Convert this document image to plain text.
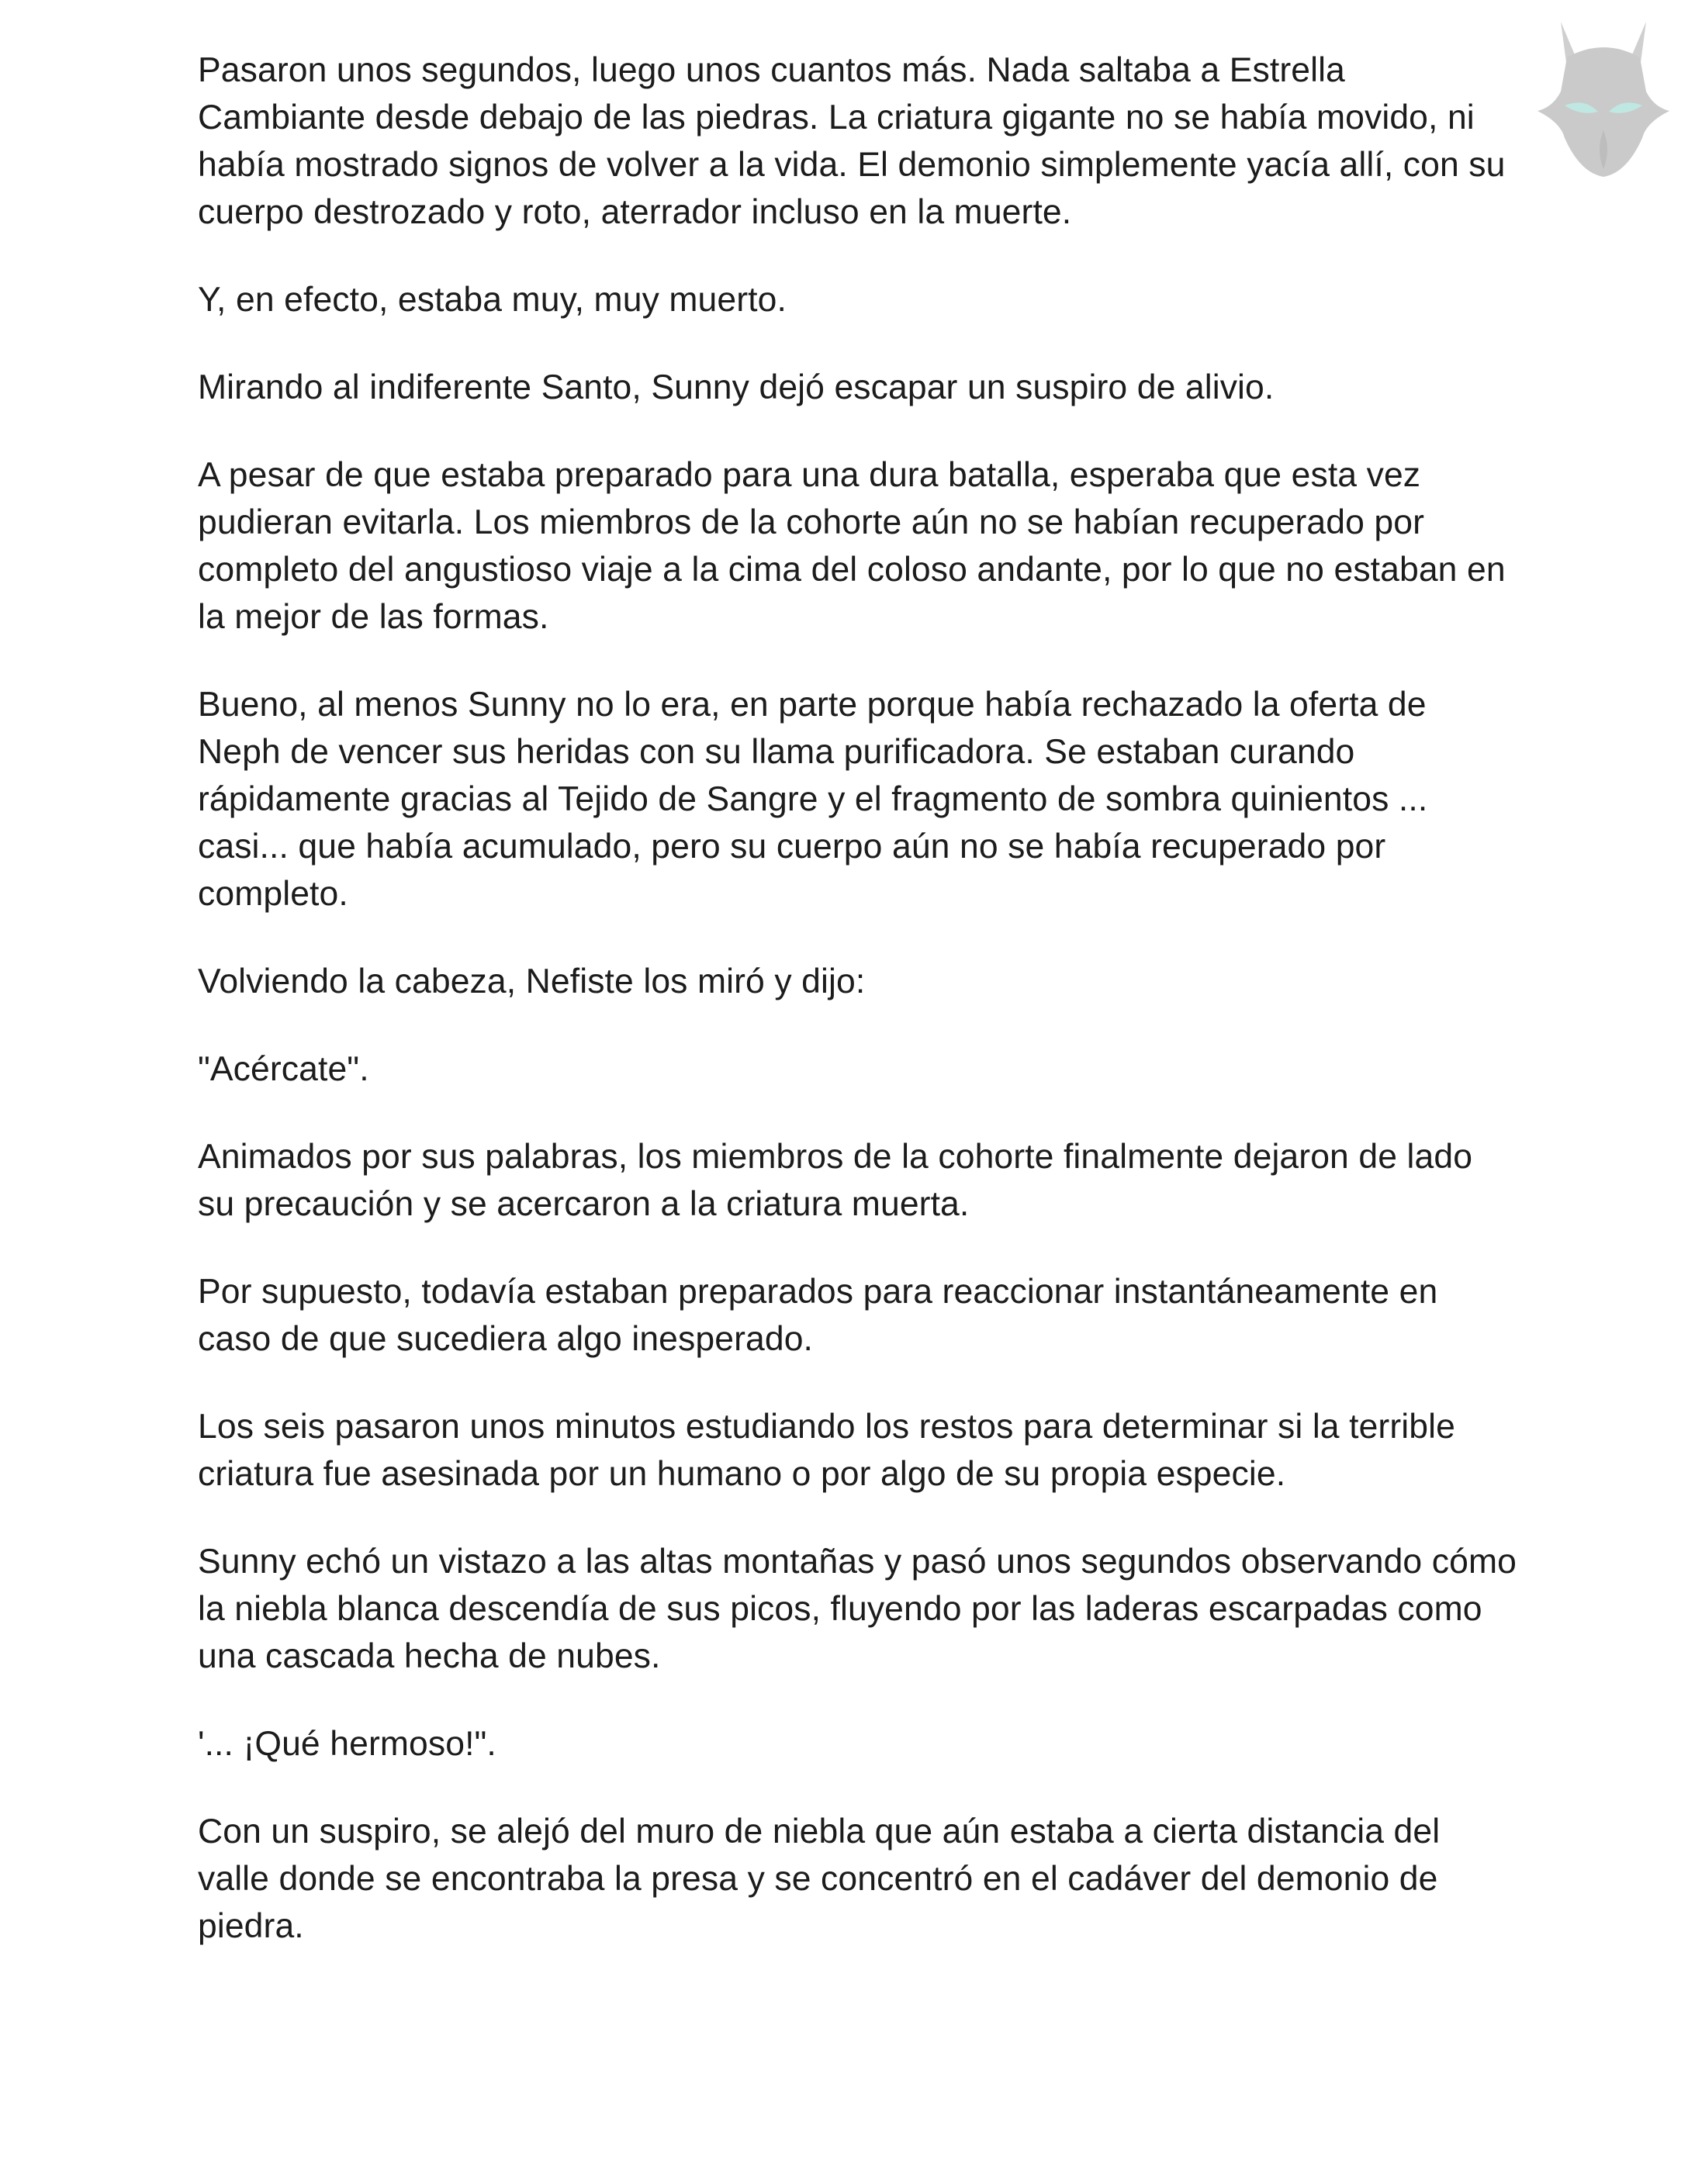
Pasaron unos segundos, luego unos cuantos más. Nada saltaba a Estrella Cambiante desde debajo de las piedras. La criatura gigante no se había movido, ni había mostrado signos de volver a la vida. El demonio simplemente yacía allí, con su cuerpo destrozado y roto, aterrador incluso en la muerte.

Y, en efecto, estaba muy, muy muerto.

Mirando al indiferente Santo, Sunny dejó escapar un suspiro de alivio.

A pesar de que estaba preparado para una dura batalla, esperaba que esta vez pudieran evitarla. Los miembros de la cohorte aún no se habían recuperado por completo del angustioso viaje a la cima del coloso andante, por lo que no estaban en la mejor de las formas.

Bueno, al menos Sunny no lo era, en parte porque había rechazado la oferta de Neph de vencer sus heridas con su llama purificadora. Se estaban curando rápidamente gracias al Tejido de Sangre y el fragmento de sombra quinientos ... casi... que había acumulado, pero su cuerpo aún no se había recuperado por completo.

Volviendo la cabeza, Nefiste los miró y dijo:

"Acércate".

Animados por sus palabras, los miembros de la cohorte finalmente dejaron de lado su precaución y se acercaron a la criatura muerta.

Por supuesto, todavía estaban preparados para reaccionar instantáneamente en caso de que sucediera algo inesperado.

Los seis pasaron unos minutos estudiando los restos para determinar si la terrible criatura fue asesinada por un humano o por algo de su propia especie.

Sunny echó un vistazo a las altas montañas y pasó unos segundos observando cómo la niebla blanca descendía de sus picos, fluyendo por las laderas escarpadas como una cascada hecha de nubes.

'... ¡Qué hermoso!".

Con un suspiro, se alejó del muro de niebla que aún estaba a cierta distancia del valle donde se encontraba la presa y se concentró en el cadáver del demonio de piedra.
